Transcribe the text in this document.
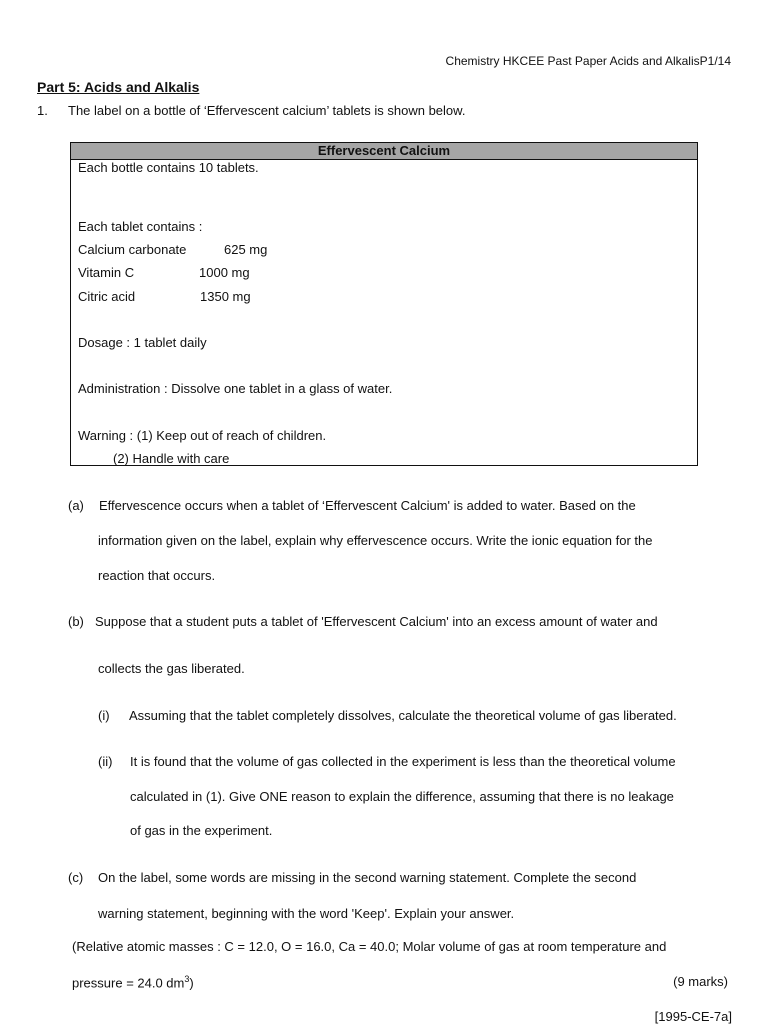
Chemistry HKCEE Past Paper Acids and AlkalisP1/14
Part 5: Acids and Alkalis
1. The label on a bottle of ‘Effervescent calcium’ tablets is shown below.
Effervescent Calcium
Each bottle contains 10 tablets.
Each tablet contains :
Calcium carbonate	625 mg
Vitamin C	1000 mg
Citric acid	1350 mg
Dosage : 1 tablet daily
Administration : Dissolve one tablet in a glass of water.
Warning : (1) Keep out of reach of children.
(2) Handle with care
(a) Effervescence occurs when a tablet of ‘Effervescent Calcium' is added to water. Based on the
information given on the label, explain why effervescence occurs. Write the ionic equation for the
reaction that occurs.
(b) Suppose that a student puts a tablet of 'Effervescent Calcium' into an excess amount of water and
collects the gas liberated.
(i) Assuming that the tablet completely dissolves, calculate the theoretical volume of gas liberated.
(ii) It is found that the volume of gas collected in the experiment is less than the theoretical volume
calculated in (1). Give ONE reason to explain the difference, assuming that there is no leakage
of gas in the experiment.
(c) On the label, some words are missing in the second warning statement. Complete the second
warning statement, beginning with the word 'Keep'. Explain your answer.
(Relative atomic masses : C = 12.0, O = 16.0, Ca = 40.0; Molar volume of gas at room temperature and
pressure = 24.0 $dm^3$)	(9 marks)
[1995-CE-7a]
